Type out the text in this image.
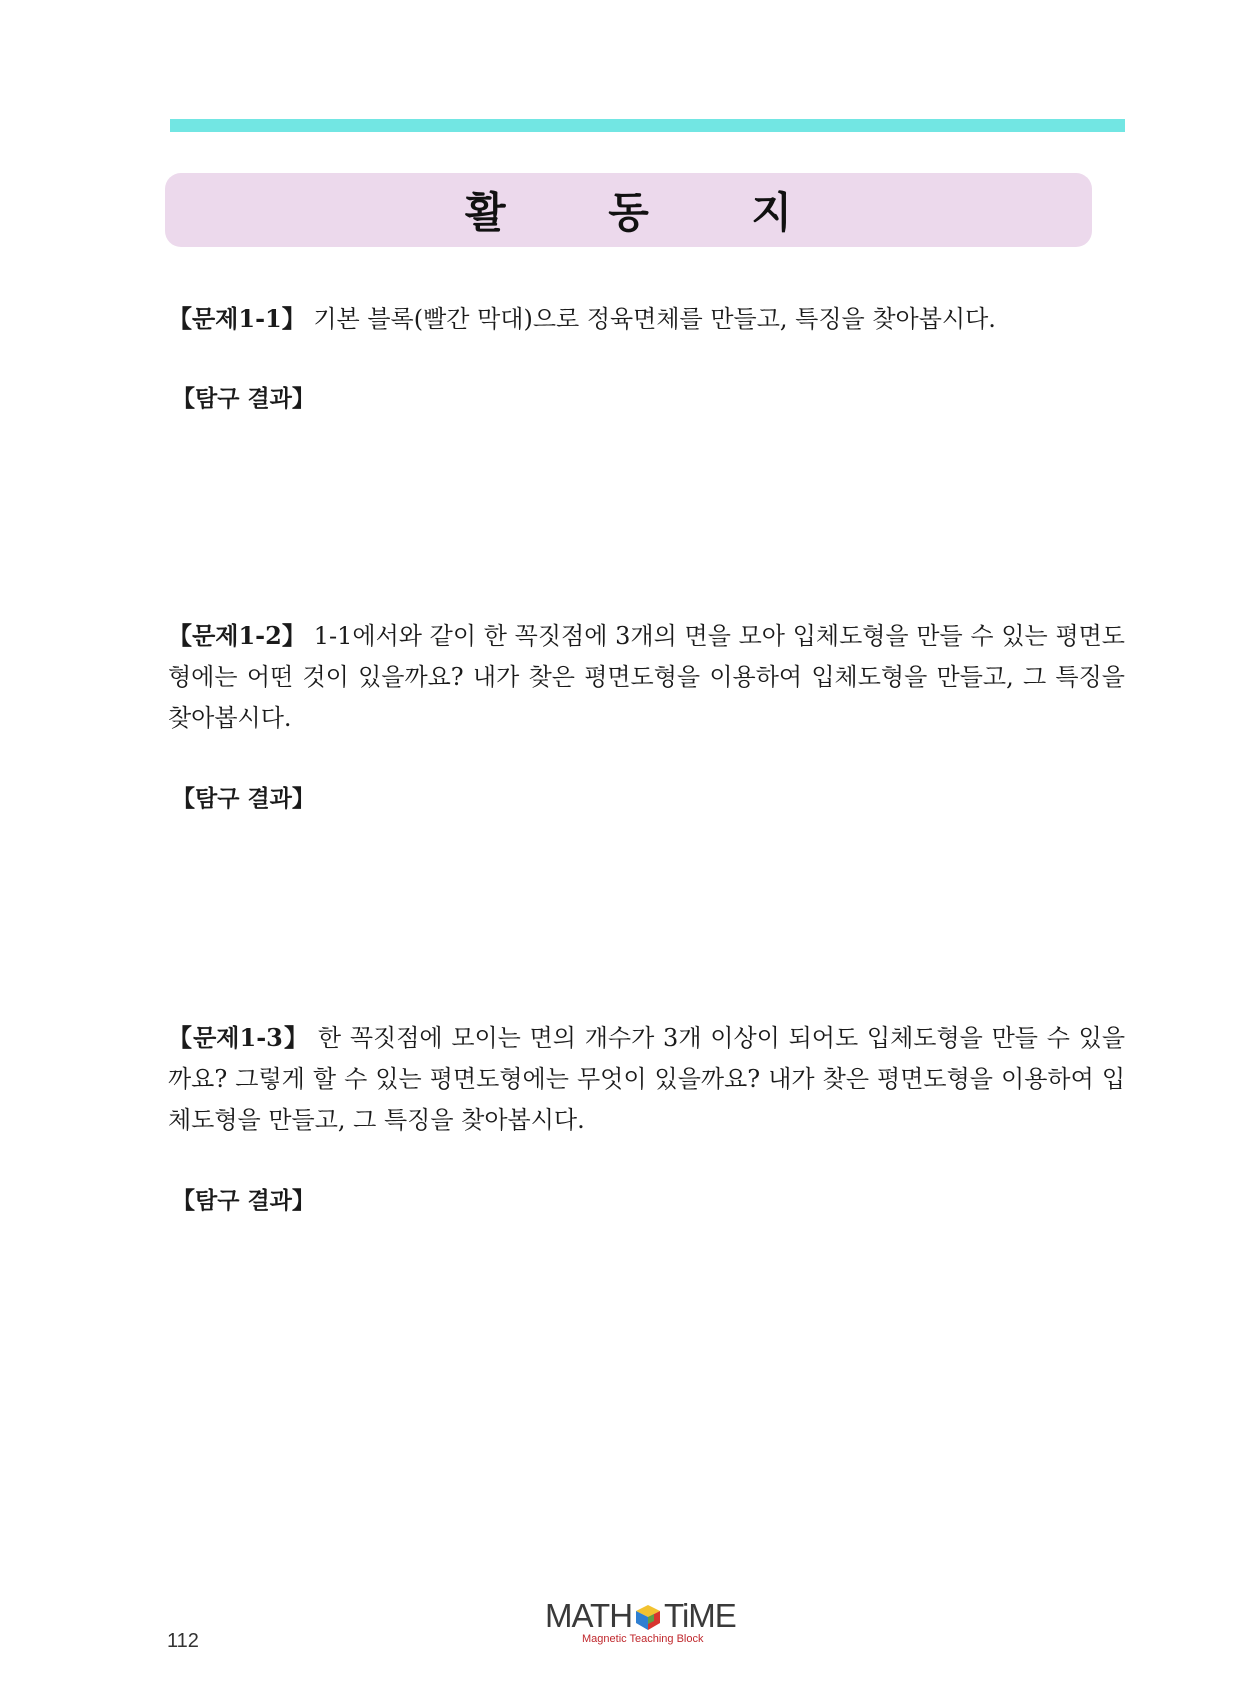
활 동 지

【문제1-1】 기본 블록(빨간 막대)으로 정육면체를 만들고, 특징을 찾아봅시다.

【탐구 결과】

【문제1-2】 1-1에서와 같이 한 꼭짓점에 3개의 면을 모아 입체도형을 만들 수 있는 평면도형에는 어떤 것이 있을까요? 내가 찾은 평면도형을 이용하여 입체도형을 만들고, 그 특징을 찾아봅시다.

【탐구 결과】

【문제1-3】 한 꼭짓점에 모이는 면의 개수가 3개 이상이 되어도 입체도형을 만들 수 있을까요? 그렇게 할 수 있는 평면도형에는 무엇이 있을까요? 내가 찾은 평면도형을 이용하여 입체도형을 만들고, 그 특징을 찾아봅시다.

【탐구 결과】
112
MATH TiME
Magnetic Teaching Block
